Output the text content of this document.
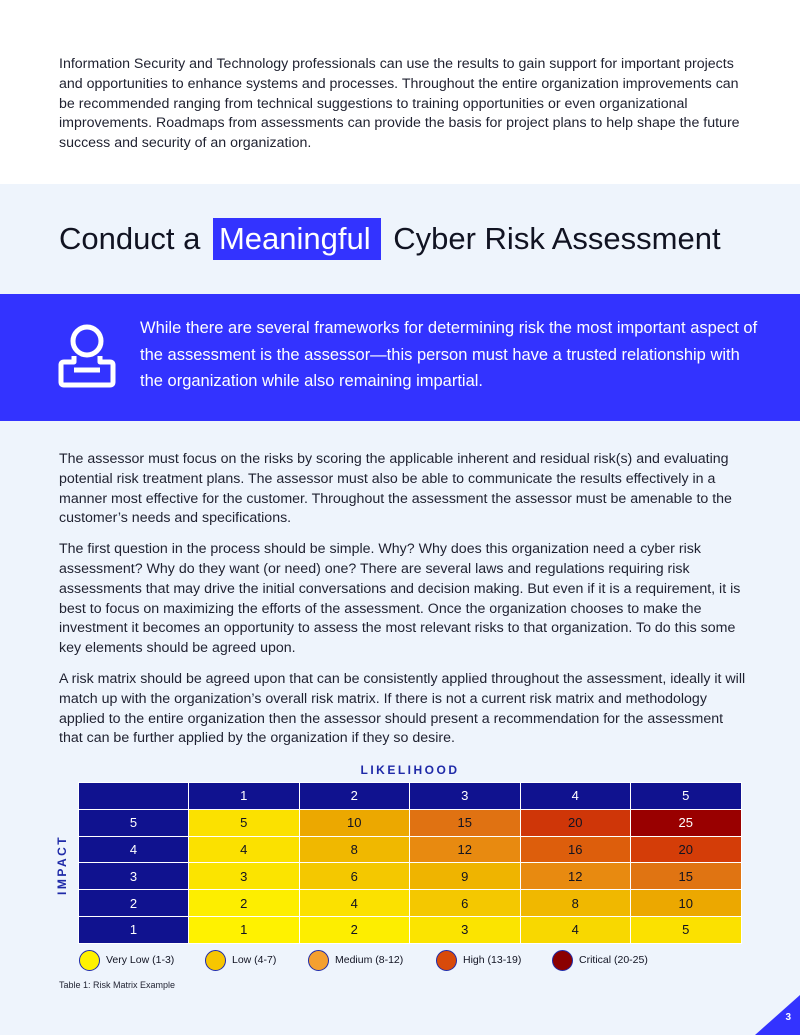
Information Security and Technology professionals can use the results to gain support for important projects and opportunities to enhance systems and processes. Throughout the entire organization improvements can be recommended ranging from technical suggestions to training opportunities or even organizational improvements. Roadmaps from assessments can provide the basis for project plans to help shape the future success and security of an organization.

Conduct a Meaningful Cyber Risk Assessment

While there are several frameworks for determining risk the most important aspect of the assessment is the assessor—this person must have a trusted relationship with the organization while also remaining impartial.

The assessor must focus on the risks by scoring the applicable inherent and residual risk(s) and evaluating potential risk treatment plans. The assessor must also be able to communicate the results effectively in a manner most effective for the customer. Throughout the assessment the assessor must be amenable to the customer’s needs and specifications.

The first question in the process should be simple. Why? Why does this organization need a cyber risk assessment? Why do they want (or need) one? There are several laws and regulations requiring risk assessments that may drive the initial conversations and decision making. But even if it is a requirement, it is best to focus on maximizing the efforts of the assessment. Once the organization chooses to make the investment it becomes an opportunity to assess the most relevant risks to that organization. To do this some key elements should be agreed upon.

A risk matrix should be agreed upon that can be consistently applied throughout the assessment, ideally it will match up with the organization’s overall risk matrix. If there is not a current risk matrix and methodology applied to the entire organization then the assessor should present a recommendation for the assessment that can be further applied by the organization if they so desire.

LIKELIHOOD
IMPACT
	1	2	3	4	5
5	5	10	15	20	25
4	4	8	12	16	20
3	3	6	9	12	15
2	2	4	6	8	10
1	1	2	3	4	5
Very Low (1-3)	Low (4-7)	Medium (8-12)	High (13-19)	Critical (20-25)
Table 1: Risk Matrix Example
3
